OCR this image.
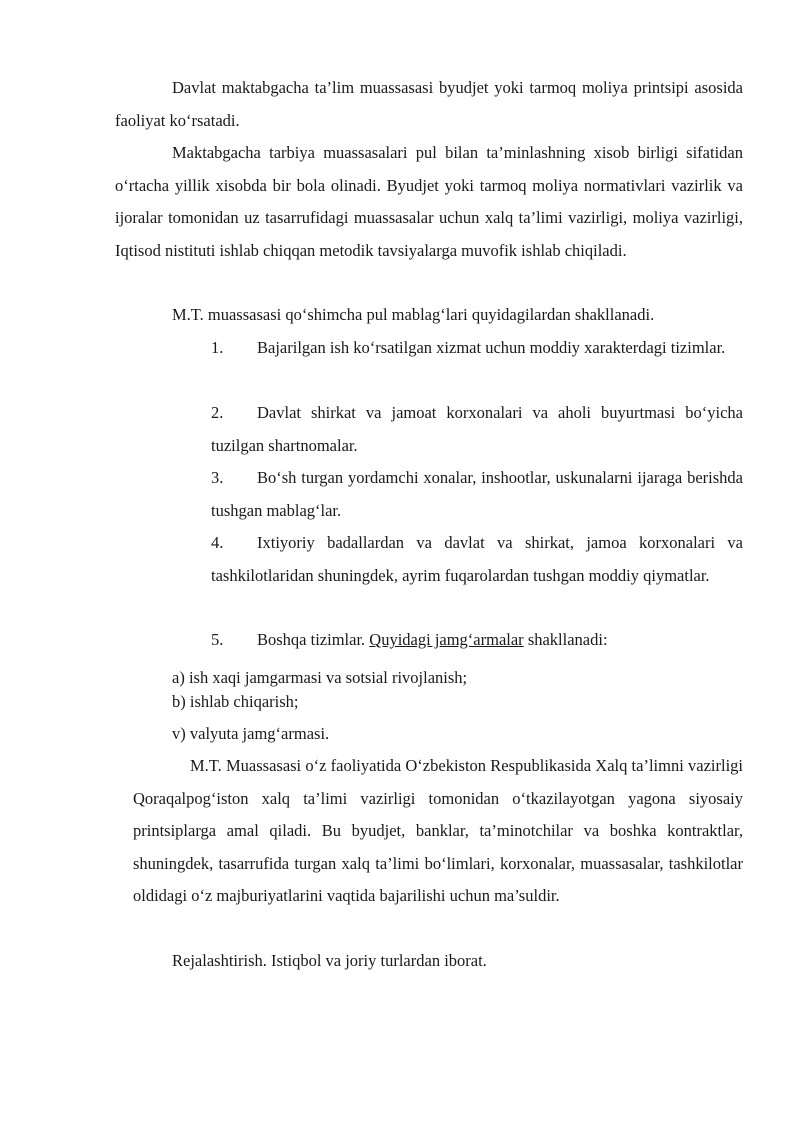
Davlat maktabgacha ta’lim muassasasi byudjet yoki tarmoq moliya printsipi asosida faoliyat ko‘rsatadi.

Maktabgacha tarbiya muassasalari pul bilan ta’minlashning xisob birligi sifatidan o‘rtacha yillik xisobda bir bola olinadi. Byudjet yoki tarmoq moliya normativlari vazirlik va ijoralar tomonidan uz tasarrufidagi muassasalar uchun xalq ta’limi vazirligi, moliya vazirligi, Iqtisod nistituti ishlab chiqqan metodik tavsiyalarga muvofik ishlab chiqiladi.

M.T. muassasasi qo‘shimcha pul mablag‘lari quyidagilardan shakllanadi.

1. Bajarilgan ish ko‘rsatilgan xizmat uchun moddiy xarakterdagi tizimlar.

2. Davlat shirkat va jamoat korxonalari va aholi buyurtmasi bo‘yicha tuzilgan shartnomalar.

3. Bo‘sh turgan yordamchi xonalar, inshootlar, uskunalarni ijaraga berishda tushgan mablag‘lar.

4. Ixtiyoriy badallardan va davlat va shirkat, jamoa korxonalari va tashkilotlaridan shuningdek, ayrim fuqarolardan tushgan moddiy qiymatlar.

5. Boshqa tizimlar. Quyidagi jamg‘armalar shakllanadi:

a) ish xaqi jamgarmasi va sotsial rivojlanish;

b) ishlab chiqarish;

v) valyuta jamg‘armasi.

M.T. Muassasasi o‘z faoliyatida O‘zbekiston Respublikasida Xalq ta’limni vazirligi Qoraqalpog‘iston xalq ta’limi vazirligi tomonidan o‘tkazilayotgan yagona siyosaiy printsiplarga amal qiladi. Bu byudjet, banklar, ta’minotchilar va boshka kontraktlar, shuningdek, tasarrufida turgan xalq ta’limi bo‘limlari, korxonalar, muassasalar, tashkilotlar oldidagi o‘z majburiyatlarini vaqtida bajarilishi uchun ma’suldir.

Rejalashtirish. Istiqbol va joriy turlardan iborat.
